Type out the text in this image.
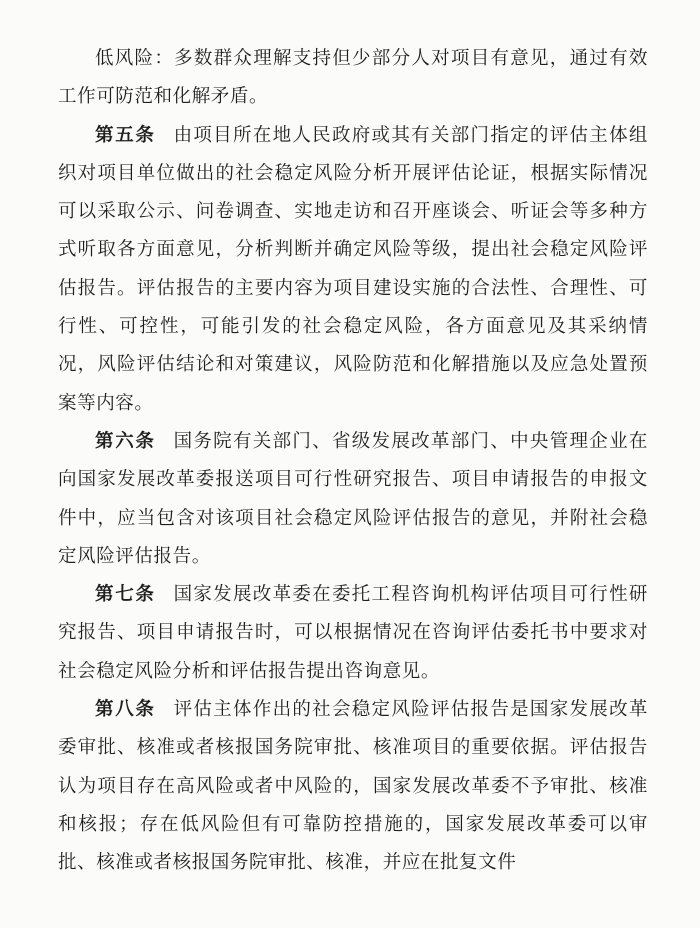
低风险：多数群众理解支持但少部分人对项目有意见，通过有效工作可防范和化解矛盾。

第五条 由项目所在地人民政府或其有关部门指定的评估主体组织对项目单位做出的社会稳定风险分析开展评估论证，根据实际情况可以采取公示、问卷调查、实地走访和召开座谈会、听证会等多种方式听取各方面意见，分析判断并确定风险等级，提出社会稳定风险评估报告。评估报告的主要内容为项目建设实施的合法性、合理性、可行性、可控性，可能引发的社会稳定风险，各方面意见及其采纳情况，风险评估结论和对策建议，风险防范和化解措施以及应急处置预案等内容。

第六条 国务院有关部门、省级发展改革部门、中央管理企业在向国家发展改革委报送项目可行性研究报告、项目申请报告的申报文件中，应当包含对该项目社会稳定风险评估报告的意见，并附社会稳定风险评估报告。

第七条 国家发展改革委在委托工程咨询机构评估项目可行性研究报告、项目申请报告时，可以根据情况在咨询评估委托书中要求对社会稳定风险分析和评估报告提出咨询意见。

第八条 评估主体作出的社会稳定风险评估报告是国家发展改革委审批、核准或者核报国务院审批、核准项目的重要依据。评估报告认为项目存在高风险或者中风险的，国家发展改革委不予审批、核准和核报；存在低风险但有可靠防控措施的，国家发展改革委可以审批、核准或者核报国务院审批、核准，并应在批复文件
